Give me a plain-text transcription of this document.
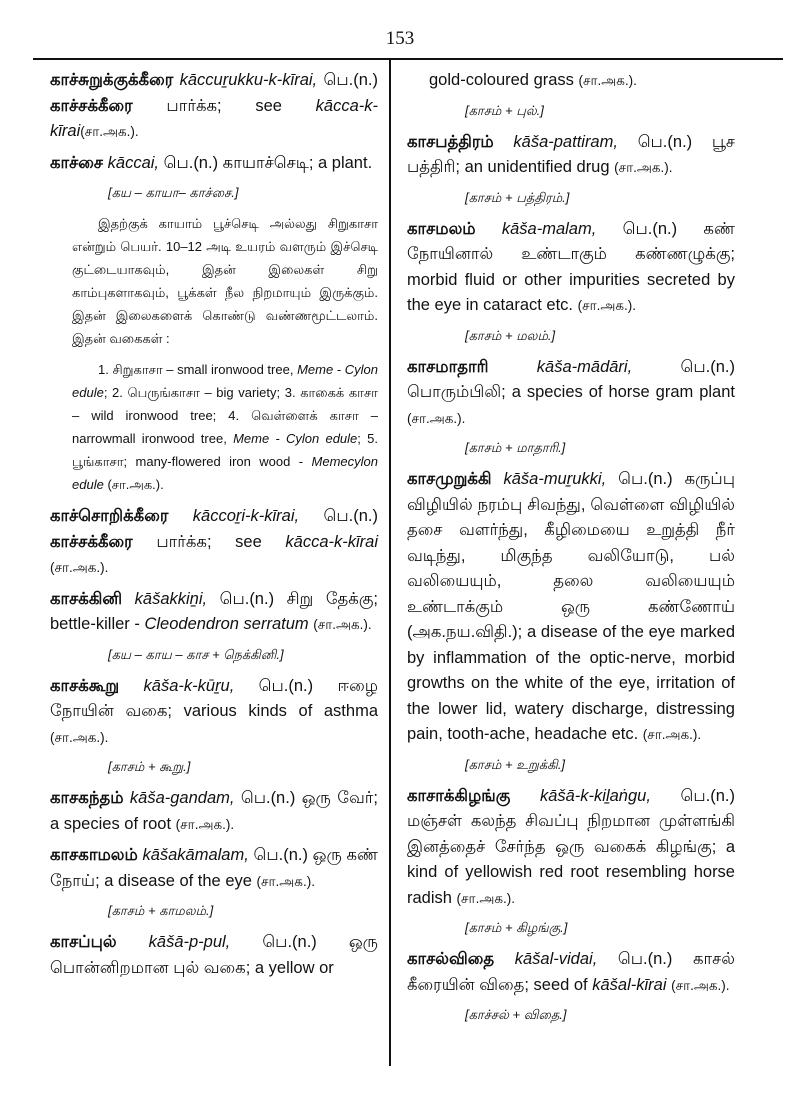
153
காச்சுறுக்குக்கீரை kāccuṟukku-k-kīrai, பெ.(n.) காச்சக்கீரை பார்க்க; see kācca-k-kīrai(சா.அக.).
காச்சை kāccai, பெ.(n.) காயாச்செடி; a plant.
[கய – காயா– காச்சை.]

இதற்குக் காயாம் பூச்செடி அல்லது சிறுகாசா என்றும் பெயர். 10–12 அடி உயரம் வளரும் இச்செடி குட்டையாகவும், இதன் இலைகள் சிறு காம்புகளாகவும், பூக்கள் நீல நிறமாயும் இருக்கும். இதன் இலைகளைக் கொண்டு வண்ணமூட்டலாம். இதன் வகைகள் :

1. சிறுகாசா – small ironwood tree, Meme - Cylon edule; 2. பெருங்காசா – big variety; 3. காகைக் காசா – wild ironwood tree; 4. வெள்ளைக் காசா – narrowmall ironwood tree, Meme - Cylon edule; 5. பூங்காசா; many-flowered iron wood - Memecylon edule (சா.அக.).

காச்சொறிக்கீரை kāccoṟi-k-kīrai, பெ.(n.) காச்சக்கீரை பார்க்க; see kācca-k-kīrai (சா.அக.).
காசக்கினி kāšakkiṉi, பெ.(n.) சிறு தேக்கு; bettle-killer - Cleodendron serratum (சா.அக.).
[கய – காய – காச + நெக்கினி.]
காசக்கூறு kāša-k-kūṟu, பெ.(n.) ஈழை நோயின் வகை; various kinds of asthma (சா.அக.).
[காசம் + கூறு.]
காசகந்தம் kāša-gandam, பெ.(n.) ஒரு வேர்; a species of root (சா.அக.).
காசகாமலம் kāšakāmalam, பெ.(n.) ஒரு கண் நோய்; a disease of the eye (சா.அக.).
[காசம் + காமலம்.]
காசப்புல் kāšā-p-pul, பெ.(n.) ஒரு பொன்னிறமான புல் வகை; a yellow or
gold-coloured grass (சா.அக.).
[காசம் + புல்.]
காசபத்திரம் kāša-pattiram, பெ.(n.) பூச பத்திரி; an unidentified drug (சா.அக.).
[காசம் + பத்திரம்.]
காசமலம் kāša-malam, பெ.(n.) கண் நோயினால் உண்டாகும் கண்ணழுக்கு; morbid fluid or other impurities secreted by the eye in cataract etc. (சா.அக.).
[காசம் + மலம்.]
காசமாதாரி	kāša-mādāri,	பெ.(n.) பொரும்பிலி; a species of horse gram plant (சா.அக.).
[காசம் + மாதாரி.]
காசமுறுக்கி kāša-muṟukki, பெ.(n.) கருப்பு விழியில் நரம்பு சிவந்து, வெள்ளை விழியில் தசை வளர்ந்து, கீழிமையை உறுத்தி நீர் வடிந்து, மிகுந்த வலியோடு, பல் வலியையும், தலை வலியையும் உண்டாக்கும் ஒரு கண்ணோய் (அக.நய.விதி.); a disease of the eye marked by inflammation of the optic-nerve, morbid growths on the white of the eye, irritation of the lower lid, watery discharge, distressing pain, tooth-ache, headache etc. (சா.அக.).
[காசம் + உறுக்கி.]
காசாக்கிழங்கு kāšā-k-kiḻaṅgu, பெ.(n.) மஞ்சள் கலந்த சிவப்பு நிறமான முள்ளங்கி இனத்தைச் சேர்ந்த ஒரு வகைக் கிழங்கு; a kind of yellowish red root resembling horse radish (சா.அக.).
[காசம் + கிழங்கு.]
காசல்விதை kāšal-vidai, பெ.(n.) காசல் கீரையின் விதை; seed of kāšal-kīrai (சா.அக.).
[காச்சல் + விதை.]
